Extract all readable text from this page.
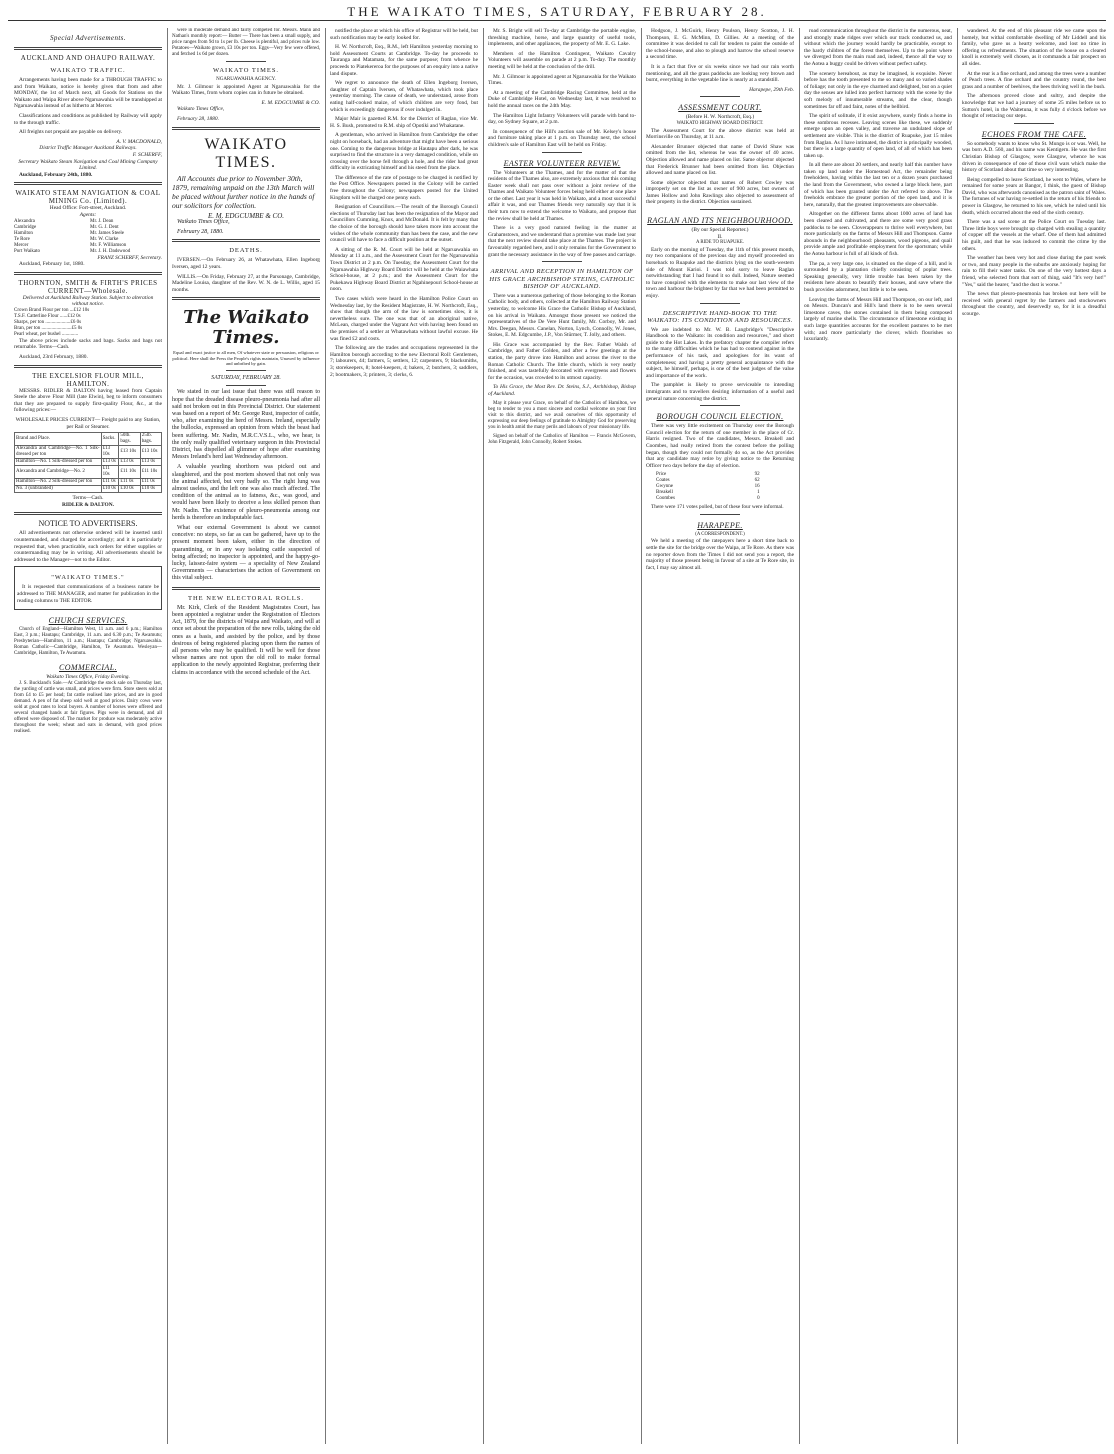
THE WAIKATO TIMES, SATURDAY, FEBRUARY 28.
Special Advertisements.
AUCKLAND AND OHAUPO RAILWAY.
WAIKATO TRAFFIC.
Arrangements having been made for a THROUGH TRAFFIC to and from Waikato, notice is hereby given that from and after MONDAY, the 1st of March next, all Goods for Stations on the Waikato and Waipa River above Ngaruawahia will be transhipped at Ngaruawahia instead of as hitherto at Mercer.
Classifications and conditions as published by Railway will apply to the through traffic.
All freights not prepaid are payable on delivery.
A. V. MACDONALD,
District Traffic Manager Auckland Railways.
F. SCHERFF,
Secretary Waikato Steam Navigation and Coal Mining Company Limited.
Auckland, February 24th, 1880.
WAIKATO STEAM NAVIGATION & COAL MINING Co. (Limited).
Head Office: Fort-street, Auckland.
Agents:
Alexandra	Mr. J. Dean
Cambridge	Mr. G. J. Dent
Hamilton	Mr. James Steele
Te Rore	Mr. W. Clarke
Mercer	Mr. F. Williamson
Port Waikato	Mr. J. H. Dadswood
FRANZ SCHERFF, Secretary.
Auckland, February 1st, 1880.
THORNTON, SMITH & FIRTH'S PRICES CURRENT—Wholesale.
Delivered at Auckland Railway Station. Subject to alteration without notice.
Crown Brand Flour per ton ...£12 10s
T.S.F. Catterline Flour ......£12 0s
Sharps, per ton ....................£6 0s
Bran, per ton ........................£5 0s
Pearl wheat, per bushel .............
The above prices include sacks and bags. Sacks and bags not returnable. Terms—Cash.
Auckland, 23rd February, 1880.
THE EXCELSIOR FLOUR MILL, HAMILTON.
MESSRS. RIDLER & DALTON having leased from Captain Steele the above Flour Mill (late Elwin), beg to inform consumers that they are prepared to supply first-quality Flour, &c., at the following prices:—
WHOLESALE PRICES CURRENT— Freight paid to any Station, per Rail or Steamer.
Brand and Place.	Sacks.	50lb. bags.	25lb. bags.
Alexandra and Cambridge—No. 1 Silk-dressed per ton	£13 10s	£13 10s	£13 10s
Hamilton—No. 1 Silk-dressed per ton	£13 0s	£13 0s	£13 0s
Alexandra and Cambridge—No. 2	£11 10s	£11 10s	£11 10s
Hamilton—No. 2 Silk-dressed per ton	£11 0s	£11 0s	£11 0s
No. 3 (unbranded)	£10 0s	£10 0s	£10 0s
Terms—Cash.
RIDLER & DALTON.
NOTICE TO ADVERTISERS.
All advertisements not otherwise ordered will be inserted until countermanded, and charged for accordingly; and it is particularly requested that, when practicable, such orders for either supplies or countermanding may be in writing. All advertisements should be addressed to the Manager—not to the Editor.
"WAIKATO TIMES."
It is requested that communications of a business nature be addressed to THE MANAGER, and matter for publication in the reading columns to THE EDITOR.
CHURCH SERVICES.
Church of England—Hamilton West, 11 a.m. and 6 p.m.; Hamilton East, 3 p.m.; Hautapu; Cambridge, 11 a.m. and 6.30 p.m.; Te Awamutu; Presbyterian—Hamilton, 11 a.m.; Hautapu; Cambridge; Ngaruawahia. Roman Catholic—Cambridge, Hamilton, Te Awamutu. Wesleyan—Cambridge, Hamilton, Te Awamutu.
COMMERCIAL.
Waikato Times Office, Friday Evening.
J. S. Buckland's Sale.—At Cambridge the stock sale on Thursday last, the yarding of cattle was small, and prices were firm. Store steers sold at from £4 to £5 per head; fat cattle realised late prices, and are in good demand. A pen of fat sheep sold well at good prices. Dairy cows were sold at good rates to local buyers. A number of horses were offered and several changed hands at fair figures. Pigs were in demand, and all offered were disposed of. The market for produce was moderately active throughout the week; wheat and oats in demand, with good prices realised.
were in moderate demand and fairly competed for. Messrs. Mann and Nathan's monthly report:— Butter — There has been a small supply, and price ranges from 9d to 1s per lb. Cheese is plentiful, and prices rule low. Potatoes—Waikato grown, £3 10s per ton. Eggs—Very few were offered, and fetched 1s 6d per dozen.
WAIKATO TIMES.
NGARUAWAHIA AGENCY.
Mr. J. Gilmour is appointed Agent at Ngaruawahia for the Waikato Times, from whom copies can in future be obtained.
E. M. EDGCUMBE & CO.
Waikato Times Office,
February 28, 1880.
WAIKATO TIMES.
All Accounts due prior to November 30th, 1879, remaining unpaid on the 13th March will be placed without further notice in the hands of our solicitors for collection.
E. M. EDGCUMBE & CO.
Waikato Times Office,
February 28, 1880.
DEATHS.
IVERSEN.—On February 26, at Whatawhata, Ellen Ingeborg Iversen, aged 12 years.
WILLIS.—On Friday, February 27, at the Parsonage, Cambridge, Madeline Louisa, daughter of the Rev. W. N. de L. Willis, aged 15 months.
The Waikato Times.
Equal and exact justice to all men, Of whatever state or persuasion, religious or political. Here shall the Press the People's rights maintain, Unawed by influence and unbribed by gain.
SATURDAY, FEBRUARY 28.
We stated in our last issue that there was still reason to hope that the dreaded disease pleuro-pneumonia had after all said not broken out in this Provincial District. Our statement was based on a report of Mr. George Rust, inspector of cattle, who, after examining the herd of Messrs. Ireland, especially the bullocks, expressed an opinion from which the beast had been suffering. Mr. Nadin, M.R.C.V.S.L., who, we hear, is the only really qualified veterinary surgeon in this Provincial District, has dispelled all glimmer of hope after examining Messrs Ireland's herd last Wednesday afternoon.
A valuable yearling shorthorn was picked out and slaughtered, and the post mortem showed that not only was the animal affected, but very badly so. The right lung was almost useless, and the left one was also much affected. The condition of the animal as to fatness, &c., was good, and would have been likely to deceive a less skilled person than Mr. Nadin. The existence of pleuro-pneumonia among our herds is therefore an indisputable fact.
What our external Government is about we cannot conceive: no steps, so far as can be gathered, have up to the present moment been taken, either in the direction of quarantining, or in any way isolating cattle suspected of being affected; no inspector is appointed, and the happy-go-lucky, laissez-faire system — a speciality of New Zealand Governments — characterises the action of Government on this vital subject.
THE NEW ELECTORAL ROLLS.
Mr. Kirk, Clerk of the Resident Magistrates Court, has been appointed a registrar under the Registration of Electors Act, 1879, for the districts of Waipa and Waikato, and will at once set about the preparation of the new rolls, taking the old ones as a basis, and assisted by the police, and by those desirous of being registered placing upon them the names of all persons who may be qualified. It will be well for those whose names are not upon the old roll to make formal application to the newly appointed Registrar, preferring their claims in accordance with the second schedule of the Act.
notified the place at which his office of Registrar will be held, but such notification may be early looked for.
H. W. Northcroft, Esq., R.M., left Hamilton yesterday morning to hold Assessment Courts at Cambridge. To-day he proceeds to Tauranga and Matamata, for the same purpose; from whence he proceeds to Piatekereroa for the purposes of an enquiry into a native land dispute.
We regret to announce the death of Ellen Ingeborg Iversen, daughter of Captain Iversen, of Whatawhata, which took place yesterday morning. The cause of death, we understand, arose from eating half-cooked maize, of which children are very fond, but which is exceedingly dangerous if over indulged in.
Major Mair is gazetted R.M. for the District of Raglan, vice Mr. H. S. Bush, promoted to R.M. ship of Opotiki and Whakatane.
A gentleman, who arrived in Hamilton from Cambridge the other night on horseback, had an adventure that might have been a serious one. Coming to the dangerous bridge at Hautapu after dark, he was surprised to find the structure in a very damaged condition, while on crossing over the horse fell through a hole, and the rider had great difficulty in extricating himself and his steed from the place.
The difference of the rate of postage to be charged is notified by the Post Office. Newspapers posted in the Colony will be carried free throughout the Colony; newspapers posted for the United Kingdom will be charged one penny each.
Resignation of Councillors.—The result of the Borough Council elections of Thursday last has been the resignation of the Mayor and Councillors Cumming, Knox, and McDonald. It is felt by many that the choice of the borough should have taken more into account the wishes of the whole community than has been the case, and the new council will have to face a difficult position at the outset.
A sitting of the R. M. Court will be held at Ngaruawahia on Monday at 11 a.m., and the Assessment Court for the Ngaruawahia Town District at 2 p.m. On Tuesday, the Assessment Court for the Ngaruawahia Highway Board District will be held at the Waiawhata School-house, at 2 p.m.; and the Assessment Court for the Pukekawa Highway Board District at Ngahinepouri School-house at noon.
Two cases which were heard in the Hamilton Police Court on Wednesday last, by the Resident Magistrate, H. W. Northcroft, Esq., show that though the arm of the law is sometimes slow, it is nevertheless sure. The one was that of an aboriginal native, McLean, charged under the Vagrant Act with having been found on the premises of a settler at Whatawhata without lawful excuse. He was fined £2 and costs.
The following are the trades and occupations represented in the Hamilton borough according to the new Electoral Roll: Gentlemen, 7; labourers, 44; farmers, 5; settlers, 12; carpenters, 9; blacksmiths, 3; storekeepers, 8; hotel-keepers, 4; bakers, 2; butchers, 3; saddlers, 2; bootmakers, 3; printers, 3; clerks, 6.
Mr. S. Bright will sell To-day at Cambridge the portable engine, threshing machine, horse, and large quantity of useful tools, implements, and other appliances, the property of Mr. E. G. Lake.
Members of the Hamilton Contingent, Waikato Cavalry Volunteers will assemble on parade at 2 p.m. To-day. The monthly meeting will be held at the conclusion of the drill.
Mr. J. Gilmour is appointed agent at Ngaruawahia for the Waikato Times.
At a meeting of the Cambridge Racing Committee, held at the Duke of Cambridge Hotel, on Wednesday last, it was resolved to hold the annual races on the 24th May.
The Hamilton Light Infantry Volunteers will parade with band to-day, on Sydney Square, at 2 p.m.
In consequence of the Hill's auction sale of Mr. Kelsey's house and furniture taking place at 1 p.m. on Thursday next, the school children's sale of Hamilton East will be held on Friday.
EASTER VOLUNTEER REVIEW.
The Volunteers at the Thames, and for the matter of that the residents of the Thames also, are extremely anxious that this coming Easter week shall not pass over without a joint review of the Thames and Waikato Volunteer forces being held either at one place or the other. Last year it was held in Waikato, and a most successful affair it was, and our Thames friends very naturally say that it is their turn now to extend the welcome to Waikato, and propose that the review shall be held at Thames.
There is a very good natured feeling in the matter at Grahamstown, and we understand that a promise was made last year that the next review should take place at the Thames. The project is favourably regarded here, and it only remains for the Government to grant the necessary assistance in the way of free passes and carriage.
ARRIVAL AND RECEPTION IN HAMILTON OF HIS GRACE ARCHBISHOP STEINS, CATHOLIC BISHOP OF AUCKLAND.
There was a numerous gathering of those belonging to the Roman Catholic body, and others, collected at the Hamilton Railway Station yesterday, to welcome His Grace the Catholic Bishop of Auckland, on his arrival in Waikato. Amongst those present we noticed the representatives of the De Vere Hunt family, Mr. Corboy, Mr. and Mrs. Deegan, Messrs. Canelan, Norton, Lynch, Connolly, W. Jones, Stokes, E. M. Edgcumbe, J.P., Von Stürmer, T. Jolly, and others.
His Grace was accompanied by the Rev. Father Walsh of Cambridge, and Father Golden, and after a few greetings at the station, the party drove into Hamilton and across the river to the Roman Catholic Church. The little church, which is very neatly finished, and was tastefully decorated with evergreens and flowers for the occasion, was crowded to its utmost capacity.
To His Grace, the Most Rev. Dr. Steins, S.J., Archbishop, Bishop of Auckland.
May it please your Grace, on behalf of the Catholics of Hamilton, we beg to tender to you a most sincere and cordial welcome on your first visit to this district, and we avail ourselves of this opportunity of expressing our deep feelings of gratitude to Almighty God for preserving you in health amid the many perils and labours of your missionary life.
Signed on behalf of the Catholics of Hamilton — Francis McGovern, John Fitzgerald, John Connolly, Robert Stokes.
Hodgson, J. McGuirk, Henry Poulson, Henry Scotton, J. H. Thompson, E. G. McMinn, D. Gillies. At a meeting of the committee it was decided to call for tenders to paint the outside of the school-house, and also to plough and harrow the school reserve a second time.
It is a fact that five or six weeks since we had our rain worth mentioning, and all the grass paddocks are looking very brown and burnt, everything in the vegetable line is nearly at a standstill.
Harapepe, 29th Feb.
ASSESSMENT COURT.
(Before H. W. Northcroft, Esq.)
WAIKATO HIGHWAY BOARD DISTRICT.
The Assessment Court for the above district was held at Morrinsville on Thursday, at 11 a.m.
Alexander Brunner objected that name of David Shaw was omitted from the list, whereas he was the owner of 40 acres. Objection allowed and name placed on list. Same objector objected that Frederick Brunner had been omitted from list. Objection allowed and name placed on list.
Some objector objected that names of Robert Cowley was improperly set on the list as owner of 900 acres, but owners of James Hollow and John Rawlings also objected to assessment of their property in the district. Objection sustained.
RAGLAN AND ITS NEIGHBOURHOOD.
(By our Special Reporter.)
II.
A RIDE TO RUAPUKE.
Early on the morning of Tuesday, the 11th of this present month, my two companions of the previous day and myself proceeded on horseback to Ruapuke and the districts lying on the south-western side of Mount Karioi. I was told sorry to leave Raglan notwithstanding that I had found it so dull. Indeed, Nature seemed to have conspired with the elements to make our last view of the town and harbour the brightest by far that we had been permitted to enjoy.
DESCRIPTIVE HAND-BOOK TO THE WAIKATO: ITS CONDITION AND RESOURCES.
We are indebted to Mr. W. B. Langbridge's "Descriptive Handbook to the Waikato: its condition and resources," and short guide to the Hot Lakes. In the prefatory chapter the compiler refers to the many difficulties which he has had to contend against in the performance of his task, and apologises for its want of completeness; and having a pretty general acquaintance with the subject, he himself, perhaps, is one of the best judges of the value and importance of the work.
The pamphlet is likely to prove serviceable to intending immigrants and to travellers desiring information of a useful and general nature concerning the district.
BOROUGH COUNCIL ELECTION.
There was very little excitement on Thursday over the Borough Council election for the return of one member in the place of Cr. Harris resigned. Two of the candidates, Messrs. Breakell and Coombes, had really retired from the contest before the polling began, though they could not formally do so, as the Act provides that any candidate may retire by giving notice to the Returning Officer two days before the day of election.
Price	92
Coates	62
Gwynne	16
Breakell	1
Coombes	0
There were 171 votes polled, but of these four were informal.
HARAPEPE.
(A CORRESPONDENT.)
We held a meeting of the ratepayers here a short time back to settle the site for the bridge over the Waipa, at Te Rore. As there was no reporter down from the Times I did not send you a report, the majority of those present being in favour of a site at Te Rore site, in fact, I may say almost all.
road communication throughout the district in the numerous, neat, and strongly made ridges over which our track conducted us, and without which the journey would hardly be practicable, except to the hardy children of the forest themselves. Up to the point where we diverged from the main road and, indeed, thence all the way to the Aotea a buggy could be driven without perfect safety.
The scenery hereabout, as may be imagined, is exquisite. Never before has the tooth presented to me so many and so varied shades of foliage; not only in the eye charmed and delighted, but on a quiet day the senses are lulled into perfect harmony with the scene by the soft melody of innumerable streams, and the clear, though sometimes far off and faint, notes of the bellbird.
The spirit of solitude, if it exist anywhere, surely finds a home in these sombrous recesses. Leaving scenes like these, we suddenly emerge upon an open valley, and traverse an undulated slope of settlement are visible. This is the district of Ruapuke, just 15 miles from Raglan. As I have intimated, the district is principally wooded, but there is a large quantity of open land, of all of which has been taken up.
In all there are about 20 settlers, and nearly half this number have taken up land under the Homestead Act, the remainder being freeholders, having within the last ten or a dozen years purchased the land from the Government, who owned a large block here, part of which has been granted under the Act referred to above. The freeholds embrace the greater portion of the open land, and it is here, naturally, that the greatest improvements are observable.
Altogether on the different farms about 1000 acres of land has been cleared and cultivated, and there are some very good grass paddocks to be seen. Cloverappears to thrive well everywhere, but more particularly on the farms of Messrs Hill and Thompson. Game abounds in the neighbourhood: pheasants, wood pigeons, and quail provide ample and profitable employment for the sportsman; while the Aotea harbour is full of all kinds of fish.
The pa, a very large one, is situated on the slope of a hill, and is surrounded by a plantation chiefly consisting of poplar trees. Speaking generally, very little trouble has been taken by the residents here abouts to beautify their houses, and save where the bush provides adornment, but little is to be seen.
Leaving the farms of Messrs Hill and Thompson, on our left, and on Messrs. Duncan's and Hill's land there is to be seen several limestone caves, the stones contained in them being composed largely of marine shells. The circumstance of limestone existing in such large quantities accounts for the excellent pastures to be met with; and more particularly the clover, which flourishes so luxuriantly.
wandered. At the end of this pleasant ride we came upon the homely, but withal comfortable dwelling of Mr Liddell and his family, who gave us a hearty welcome, and lost no time in offering us refreshments. The situation of the house on a cleared knoll is extremely well chosen, as it commands a fair prospect on all sides.
At the rear is a fine orchard, and among the trees were a number of Peach trees. A fine orchard and the country round, the best grass and a number of beehives, the bees thriving well in the bush.
The afternoon proved close and sultry, and despite the knowledge that we had a journey of some 25 miles before us to Sutton's hotel, in the Waitetuna, it was fully 4 o'clock before we thought of retracing our steps.
ECHOES FROM THE CAFE.
So somebody wants to know who St. Mungo is or was. Well, he was born A.D. 560, and his name was Kentigern. He was the first Christian Bishop of Glasgow, were Glasgow, whence he was driven in consequence of one of those civil wars which make the history of Scotland about that time so very interesting.
Being compelled to leave Scotland, he went to Wales, where he remained for some years at Bangor, I think, the guest of Bishop David, who was afterwards canonised as the patron saint of Wales. The fortunes of war having re-settled in the return of his friends to power in Glasgow, he returned to his see, which he ruled until his death, which occurred about the end of the sixth century.
There was a sad scene at the Police Court on Tuesday last. Three little boys were brought up charged with stealing a quantity of copper off the vessels at the wharf. One of them had admitted his guilt, and that he was induced to commit the crime by the others.
The weather has been very hot and close during the past week or two, and many people in the suburbs are anxiously hoping for rain to fill their water tanks. On one of the very hottest days a friend, who selected from that sort of thing, said "It's very hot!" "Yes," said the hearer, "and the dust is worse."
The news that pleuro-pneumonia has broken out here will be received with general regret by the farmers and stockowners throughout the country, and deservedly so, for it is a dreadful scourge.
